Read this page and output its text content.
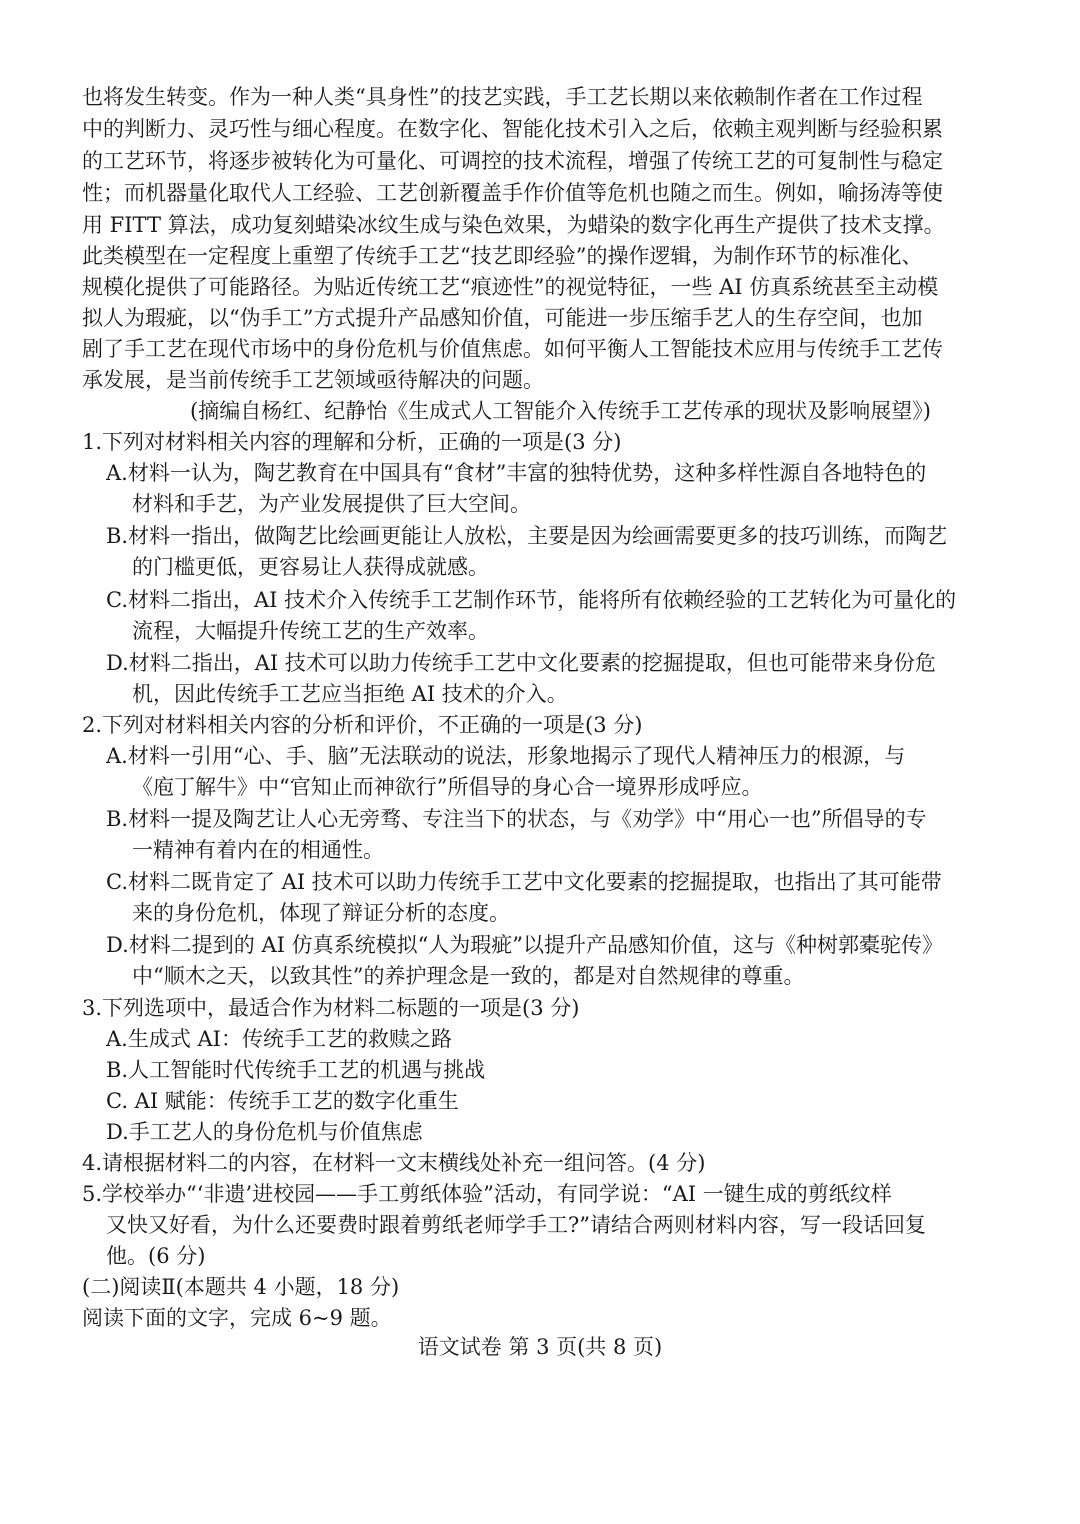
也将发生转变。作为一种人类“具身性”的技艺实践，手工艺长期以来依赖制作者在工作过程
中的判断力、灵巧性与细心程度。在数字化、智能化技术引入之后，依赖主观判断与经验积累
的工艺环节，将逐步被转化为可量化、可调控的技术流程，增强了传统工艺的可复制性与稳定
性；而机器量化取代人工经验、工艺创新覆盖手作价值等危机也随之而生。例如，喻扬涛等使
用 FITT 算法，成功复刻蜡染冰纹生成与染色效果，为蜡染的数字化再生产提供了技术支撑。
此类模型在一定程度上重塑了传统手工艺“技艺即经验”的操作逻辑，为制作环节的标准化、
规模化提供了可能路径。为贴近传统工艺“痕迹性”的视觉特征，一些 AI 仿真系统甚至主动模
拟人为瑕疵，以“伪手工”方式提升产品感知价值，可能进一步压缩手艺人的生存空间，也加
剧了手工艺在现代市场中的身份危机与价值焦虑。如何平衡人工智能技术应用与传统手工艺传
承发展，是当前传统手工艺领域亟待解决的问题。
(摘编自杨红、纪静怡《生成式人工智能介入传统手工艺传承的现状及影响展望》)
1.下列对材料相关内容的理解和分析，正确的一项是(3 分)
A.材料一认为，陶艺教育在中国具有“食材”丰富的独特优势，这种多样性源自各地特色的
材料和手艺，为产业发展提供了巨大空间。
B.材料一指出，做陶艺比绘画更能让人放松，主要是因为绘画需要更多的技巧训练，而陶艺
的门槛更低，更容易让人获得成就感。
C.材料二指出，AI 技术介入传统手工艺制作环节，能将所有依赖经验的工艺转化为可量化的
流程，大幅提升传统工艺的生产效率。
D.材料二指出，AI 技术可以助力传统手工艺中文化要素的挖掘提取，但也可能带来身份危
机，因此传统手工艺应当拒绝 AI 技术的介入。
2.下列对材料相关内容的分析和评价，不正确的一项是(3 分)
A.材料一引用“心、手、脑”无法联动的说法，形象地揭示了现代人精神压力的根源，与
《庖丁解牛》中“官知止而神欲行”所倡导的身心合一境界形成呼应。
B.材料一提及陶艺让人心无旁骛、专注当下的状态，与《劝学》中“用心一也”所倡导的专
一精神有着内在的相通性。
C.材料二既肯定了 AI 技术可以助力传统手工艺中文化要素的挖掘提取，也指出了其可能带
来的身份危机，体现了辩证分析的态度。
D.材料二提到的 AI 仿真系统模拟“人为瑕疵”以提升产品感知价值，这与《种树郭橐驼传》
中“顺木之天，以致其性”的养护理念是一致的，都是对自然规律的尊重。
3.下列选项中，最适合作为材料二标题的一项是(3 分)
A.生成式 AI：传统手工艺的救赎之路
B.人工智能时代传统手工艺的机遇与挑战
C. AI 赋能：传统手工艺的数字化重生
D.手工艺人的身份危机与价值焦虑
4.请根据材料二的内容，在材料一文末横线处补充一组问答。(4 分)
5.学校举办“‘非遗’进校园——手工剪纸体验”活动，有同学说：“AI 一键生成的剪纸纹样
又快又好看，为什么还要费时跟着剪纸老师学手工?”请结合两则材料内容，写一段话回复
他。(6 分)
(二)阅读Ⅱ(本题共 4 小题，18 分)
阅读下面的文字，完成 6~9 题。
语文试卷 第 3 页(共 8 页)
